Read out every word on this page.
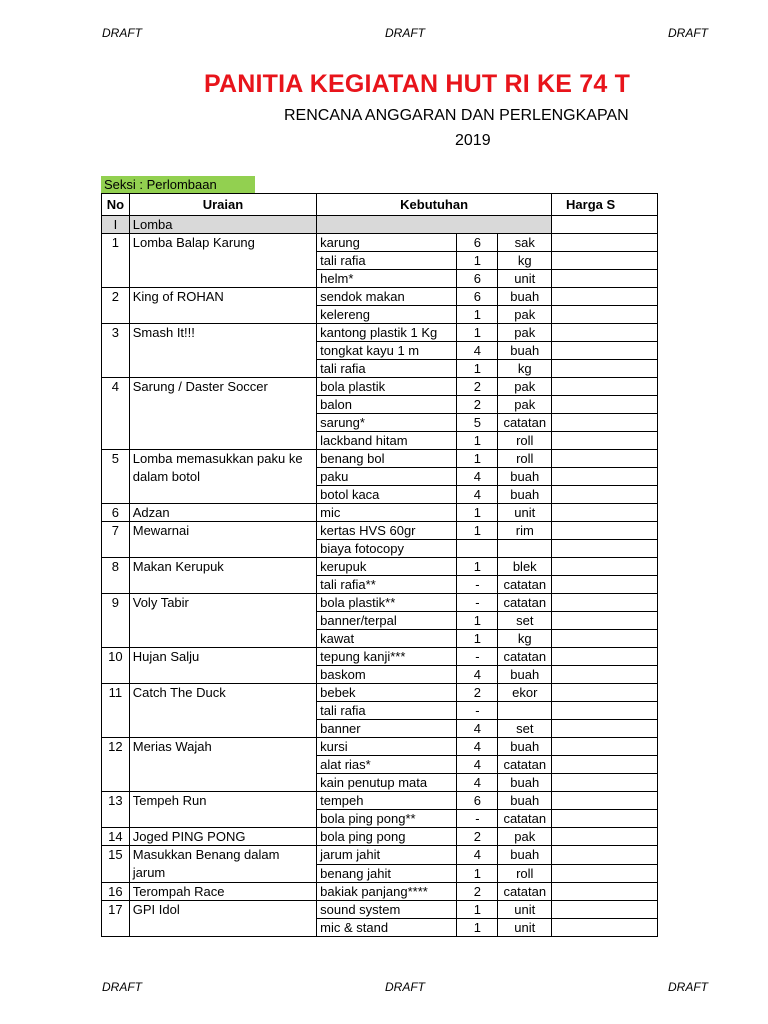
DRAFT	DRAFT	DRAFT
DRAFT	DRAFT	DRAFT
PANITIA KEGIATAN HUT RI KE 74 T
RENCANA ANGGARAN DAN PERLENGKAPAN
2019
Seksi : Perlombaan
No	Uraian	Kebutuhan			Harga S
I	Lomba				
1	Lomba Balap Karung	karung	6	sak	
		tali rafia	1	kg	
		helm*	6	unit	
2	King of ROHAN	sendok makan	6	buah	
		kelereng	1	pak	
3	Smash It!!!	kantong plastik 1 Kg	1	pak	
		tongkat kayu 1 m	4	buah	
		tali rafia	1	kg	
4	Sarung / Daster Soccer	bola plastik	2	pak	
		balon	2	pak	
		sarung*	5	catatan	
		lackband hitam	1	roll	
5	Lomba memasukkan paku ke dalam botol	benang bol	1	roll	
		paku	4	buah	
		botol kaca	4	buah	
6	Adzan	mic	1	unit	
7	Mewarnai	kertas HVS 60gr	1	rim	
		biaya fotocopy			
8	Makan Kerupuk	kerupuk	1	blek	
		tali rafia**	-	catatan	
9	Voly Tabir	bola plastik**	-	catatan	
		banner/terpal	1	set	
		kawat	1	kg	
10	Hujan Salju	tepung kanji***	-	catatan	
		baskom	4	buah	
11	Catch The Duck	bebek	2	ekor	
		tali rafia	-		
		banner	4	set	
12	Merias Wajah	kursi	4	buah	
		alat rias*	4	catatan	
		kain penutup mata	4	buah	
13	Tempeh Run	tempeh	6	buah	
		bola ping pong**	-	catatan	
14	Joged PING PONG	bola ping pong	2	pak	
15	Masukkan Benang dalam jarum	jarum jahit	4	buah	
		benang jahit	1	roll	
16	Terompah Race	bakiak panjang****	2	catatan	
17	GPI Idol	sound system	1	unit	
		mic & stand	1	unit	
